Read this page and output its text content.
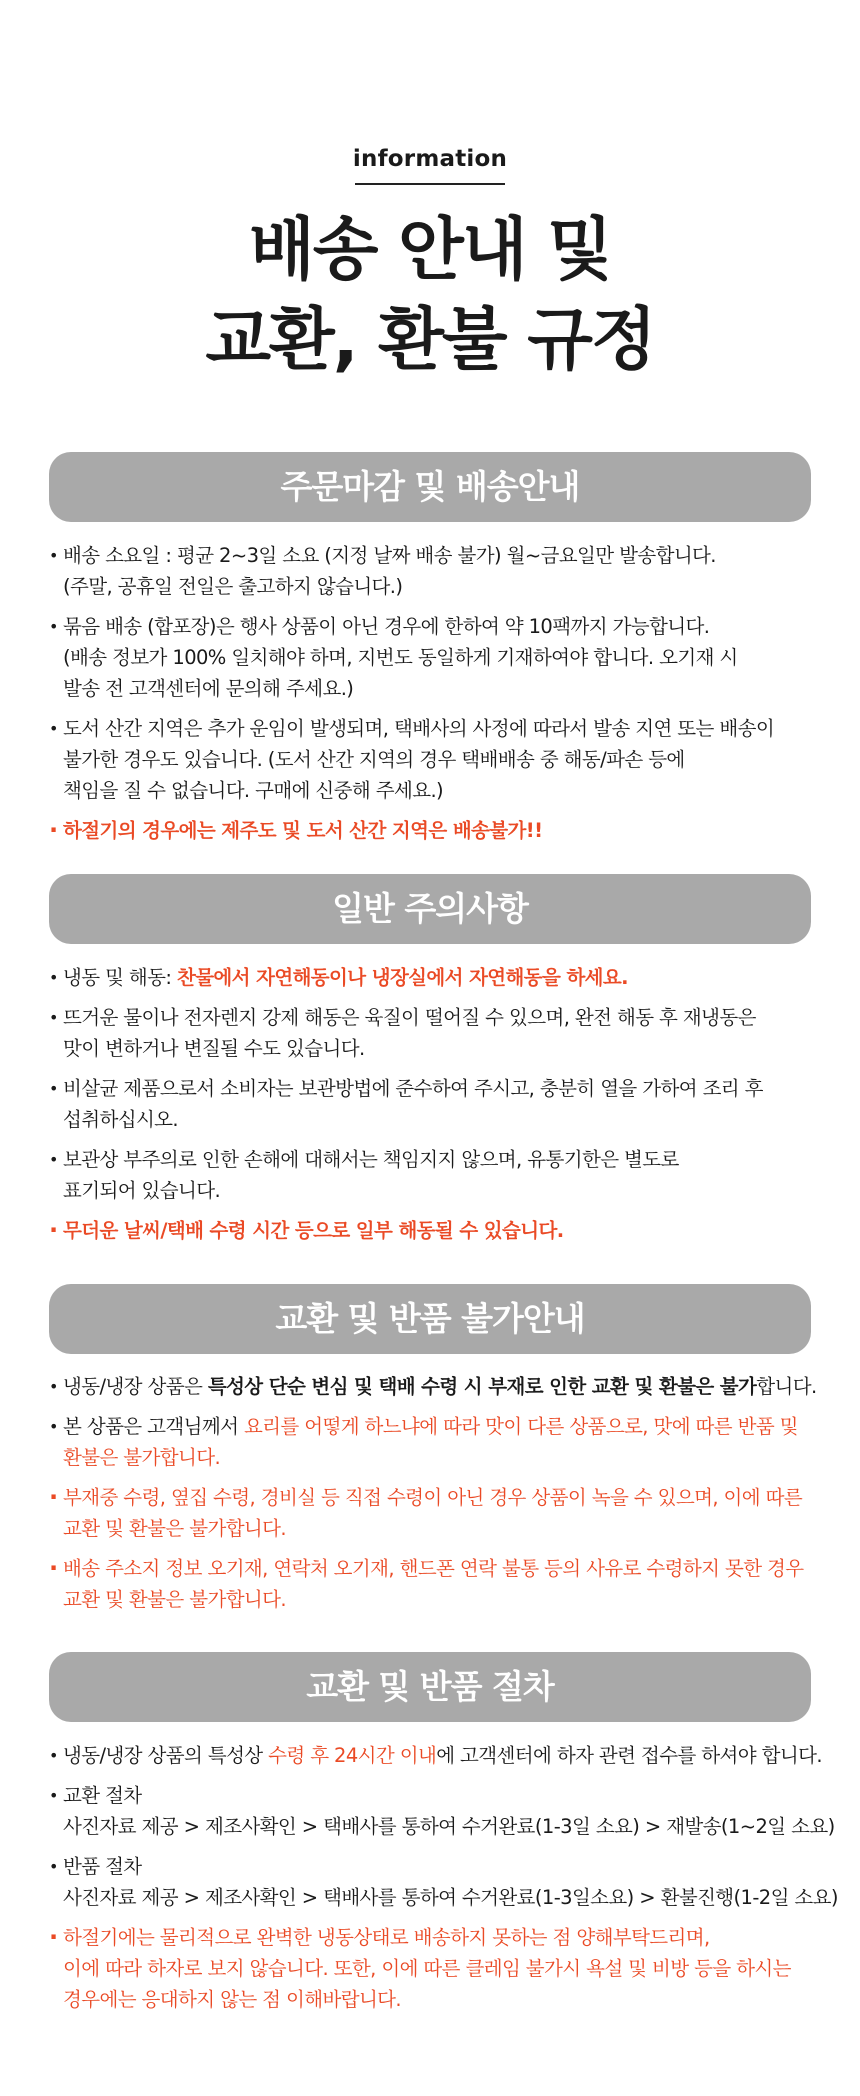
information
배송 안내 및
교환, 환불 규정
주문마감 및 배송안내
• 배송 소요일 : 평균 2~3일 소요 (지정 날짜 배송 불가) 월~금요일만 발송합니다.
(주말, 공휴일 전일은 출고하지 않습니다.)
• 묶음 배송 (합포장)은 행사 상품이 아닌 경우에 한하여 약 10팩까지 가능합니다.
(배송 정보가 100% 일치해야 하며, 지번도 동일하게 기재하여야 합니다. 오기재 시
발송 전 고객센터에 문의해 주세요.)
• 도서 산간 지역은 추가 운임이 발생되며, 택배사의 사정에 따라서 발송 지연 또는 배송이
불가한 경우도 있습니다. (도서 산간 지역의 경우 택배배송 중 해동/파손 등에
책임을 질 수 없습니다. 구매에 신중해 주세요.)
· 하절기의 경우에는 제주도 및 도서 산간 지역은 배송불가!!
일반 주의사항
• 냉동 및 해동: 찬물에서 자연해동이나 냉장실에서 자연해동을 하세요.
• 뜨거운 물이나 전자렌지 강제 해동은 육질이 떨어질 수 있으며, 완전 해동 후 재냉동은
맛이 변하거나 변질될 수도 있습니다.
• 비살균 제품으로서 소비자는 보관방법에 준수하여 주시고, 충분히 열을 가하여 조리 후
섭취하십시오.
• 보관상 부주의로 인한 손해에 대해서는 책임지지 않으며, 유통기한은 별도로
표기되어 있습니다.
· 무더운 날씨/택배 수령 시간 등으로 일부 해동될 수 있습니다.
교환 및 반품 불가안내
• 냉동/냉장 상품은 특성상 단순 변심 및 택배 수령 시 부재로 인한 교환 및 환불은 불가합니다.
• 본 상품은 고객님께서 요리를 어떻게 하느냐에 따라 맛이 다른 상품으로, 맛에 따른 반품 및
환불은 불가합니다.
· 부재중 수령, 옆집 수령, 경비실 등 직접 수령이 아닌 경우 상품이 녹을 수 있으며, 이에 따른
교환 및 환불은 불가합니다.
· 배송 주소지 정보 오기재, 연락처 오기재, 핸드폰 연락 불통 등의 사유로 수령하지 못한 경우
교환 및 환불은 불가합니다.
교환 및 반품 절차
• 냉동/냉장 상품의 특성상 수령 후 24시간 이내에 고객센터에 하자 관련 접수를 하셔야 합니다.
• 교환 절차
사진자료 제공 > 제조사확인 > 택배사를 통하여 수거완료(1-3일 소요) > 재발송(1~2일 소요)
• 반품 절차
사진자료 제공 > 제조사확인 > 택배사를 통하여 수거완료(1-3일소요) > 환불진행(1-2일 소요)
· 하절기에는 물리적으로 완벽한 냉동상태로 배송하지 못하는 점 양해부탁드리며,
이에 따라 하자로 보지 않습니다. 또한, 이에 따른 클레임 불가시 욕설 및 비방 등을 하시는
경우에는 응대하지 않는 점 이해바랍니다.
